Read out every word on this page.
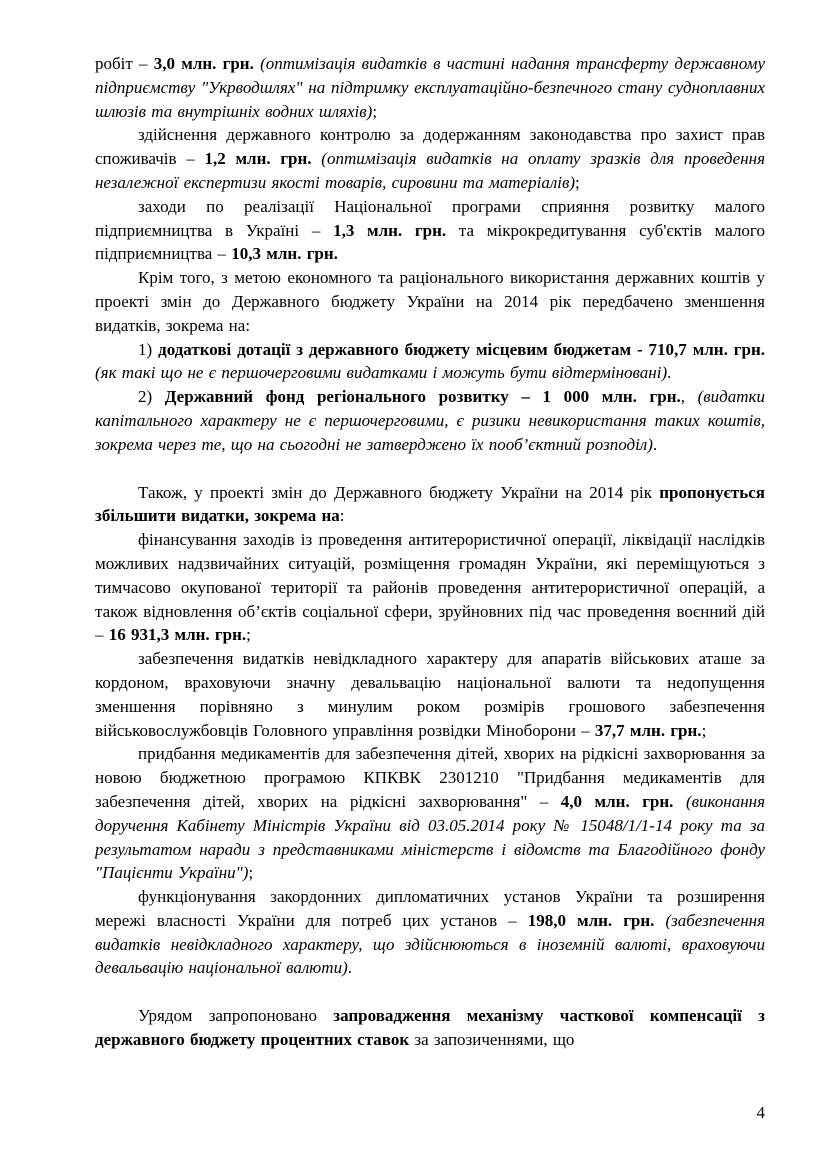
робіт – 3,0 млн. грн. (оптимізація видатків в частині надання трансферту державному підприємству "Укрводшлях" на підтримку експлуатаційно-безпечного стану судноплавних шлюзів та внутрішніх водних шляхів);

здійснення державного контролю за додержанням законодавства про захист прав споживачів – 1,2 млн. грн. (оптимізація видатків на оплату зразків для проведення незалежної експертизи якості товарів, сировини та матеріалів);

заходи по реалізації Національної програми сприяння розвитку малого підприємництва в Україні – 1,3 млн. грн. та мікрокредитування суб'єктів малого підприємництва – 10,3 млн. грн.

Крім того, з метою економного та раціонального використання державних коштів у проекті змін до Державного бюджету України на 2014 рік передбачено зменшення видатків, зокрема на:

1) додаткові дотації з державного бюджету місцевим бюджетам - 710,7 млн. грн. (як такі що не є першочерговими видатками і можуть бути відтерміновані).

2) Державний фонд регіонального розвитку – 1 000 млн. грн., (видатки капітального характеру не є першочерговими, є ризики невикористання таких коштів, зокрема через те, що на сьогодні не затверджено їх пооб’єктний розподіл).

Також, у проекті змін до Державного бюджету України на 2014 рік пропонується збільшити видатки, зокрема на:

фінансування заходів із проведення антитерористичної операції, ліквідації наслідків можливих надзвичайних ситуацій, розміщення громадян України, які переміщуються з тимчасово окупованої території та районів проведення антитерористичної операцій, а також відновлення об’єктів соціальної сфери, зруйновних під час проведення воєнний дій – 16 931,3 млн. грн.;

забезпечення видатків невідкладного характеру для апаратів військових аташе за кордоном, враховуючи значну девальвацію національної валюти та недопущення зменшення порівняно з минулим роком розмірів грошового забезпечення військовослужбовців Головного управління розвідки Міноборони – 37,7 млн. грн.;

придбання медикаментів для забезпечення дітей, хворих на рідкісні захворювання за новою бюджетною програмою КПКВК 2301210 "Придбання медикаментів для забезпечення дітей, хворих на рідкісні захворювання" – 4,0 млн. грн. (виконання доручення Кабінету Міністрів України від 03.05.2014 року № 15048/1/1-14 року та за результатом наради з представниками міністерств і відомств та Благодійного фонду "Пацієнти України");

функціонування закордонних дипломатичних установ України та розширення мережі власності України для потреб цих установ – 198,0 млн. грн. (забезпечення видатків невідкладного характеру, що здійснюються в іноземній валюті, враховуючи девальвацію національної валюти).

Урядом запропоновано запровадження механізму часткової компенсації з державного бюджету процентних ставок за запозиченнями, що

4
